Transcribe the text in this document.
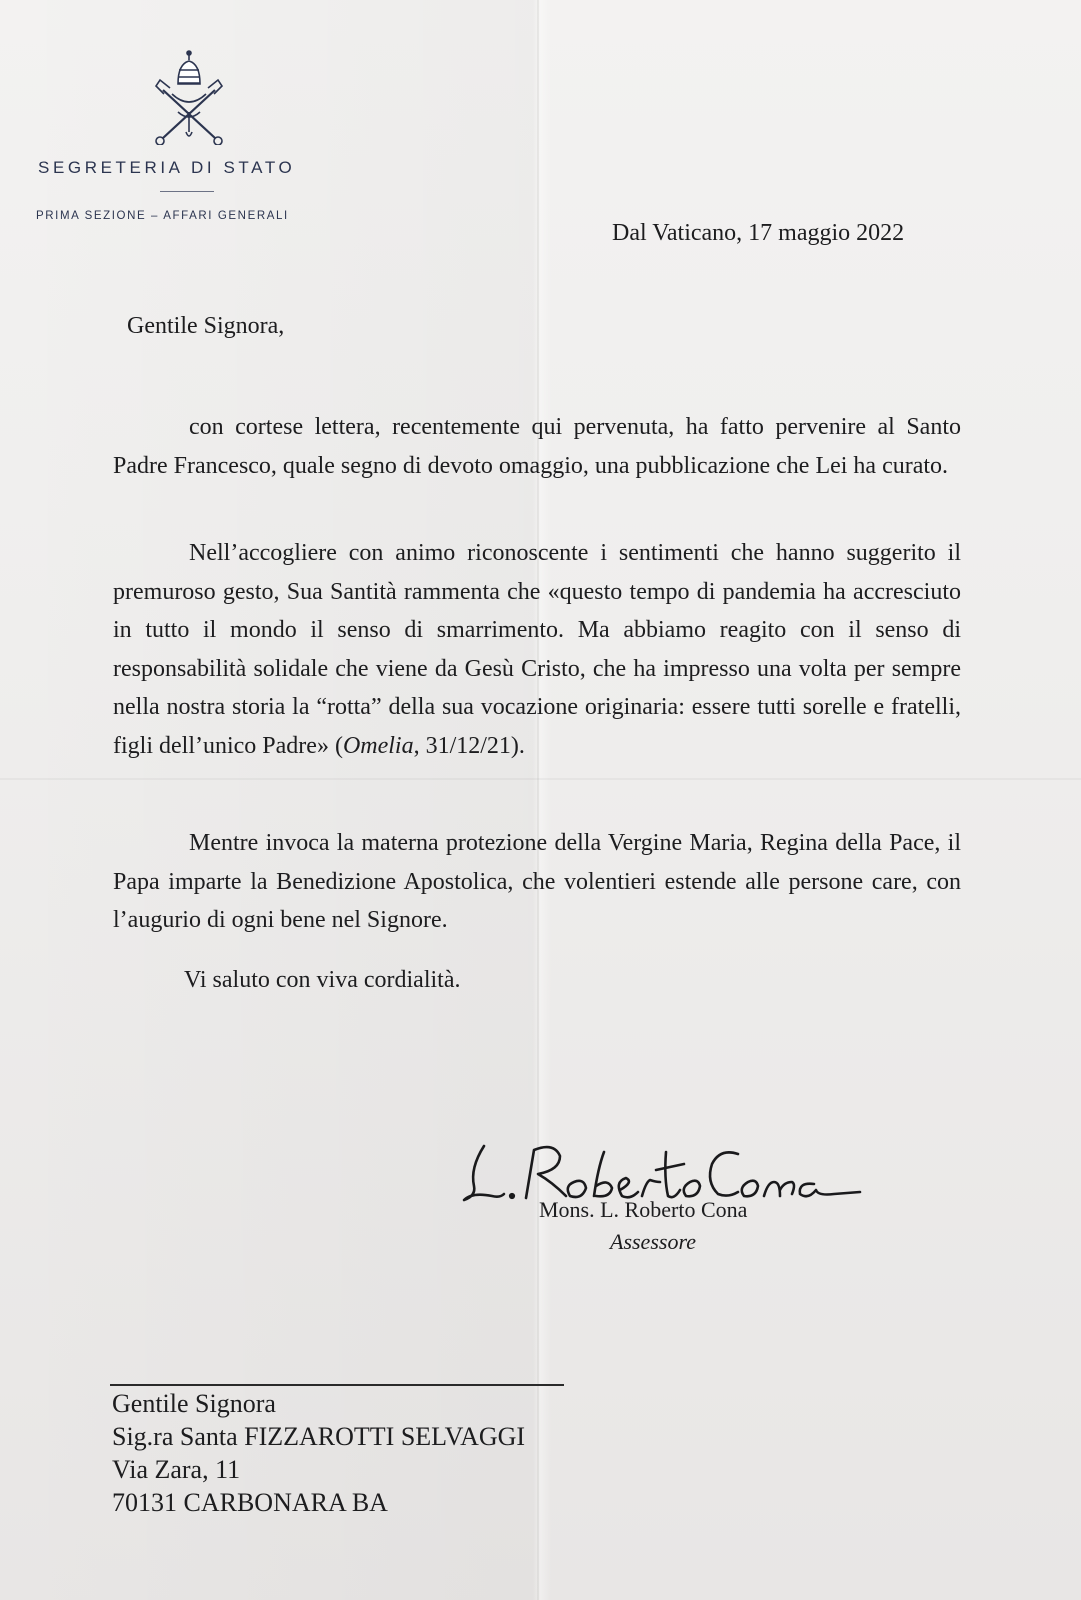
SEGRETERIA DI STATO
PRIMA SEZIONE – AFFARI GENERALI
Dal Vaticano, 17 maggio 2022
Gentile Signora,
con cortese lettera, recentemente qui pervenuta, ha fatto pervenire al Santo Padre Francesco, quale segno di devoto omaggio, una pubblicazione che Lei ha curato.
Nell’accogliere con animo riconoscente i sentimenti che hanno suggerito il premuroso gesto, Sua Santità rammenta che «questo tempo di pandemia ha accresciuto in tutto il mondo il senso di smarrimento. Ma abbiamo reagito con il senso di responsabilità solidale che viene da Gesù Cristo, che ha impresso una volta per sempre nella nostra storia la “rotta” della sua vocazione originaria: essere tutti sorelle e fratelli, figli dell’unico Padre» (Omelia, 31/12/21).
Mentre invoca la materna protezione della Vergine Maria, Regina della Pace, il Papa imparte la Benedizione Apostolica, che volentieri estende alle persone care, con l’augurio di ogni bene nel Signore.
Vi saluto con viva cordialità.
Mons. L. Roberto Cona
Assessore
Gentile Signora
Sig.ra Santa FIZZAROTTI SELVAGGI
Via Zara, 11
70131 CARBONARA BA
